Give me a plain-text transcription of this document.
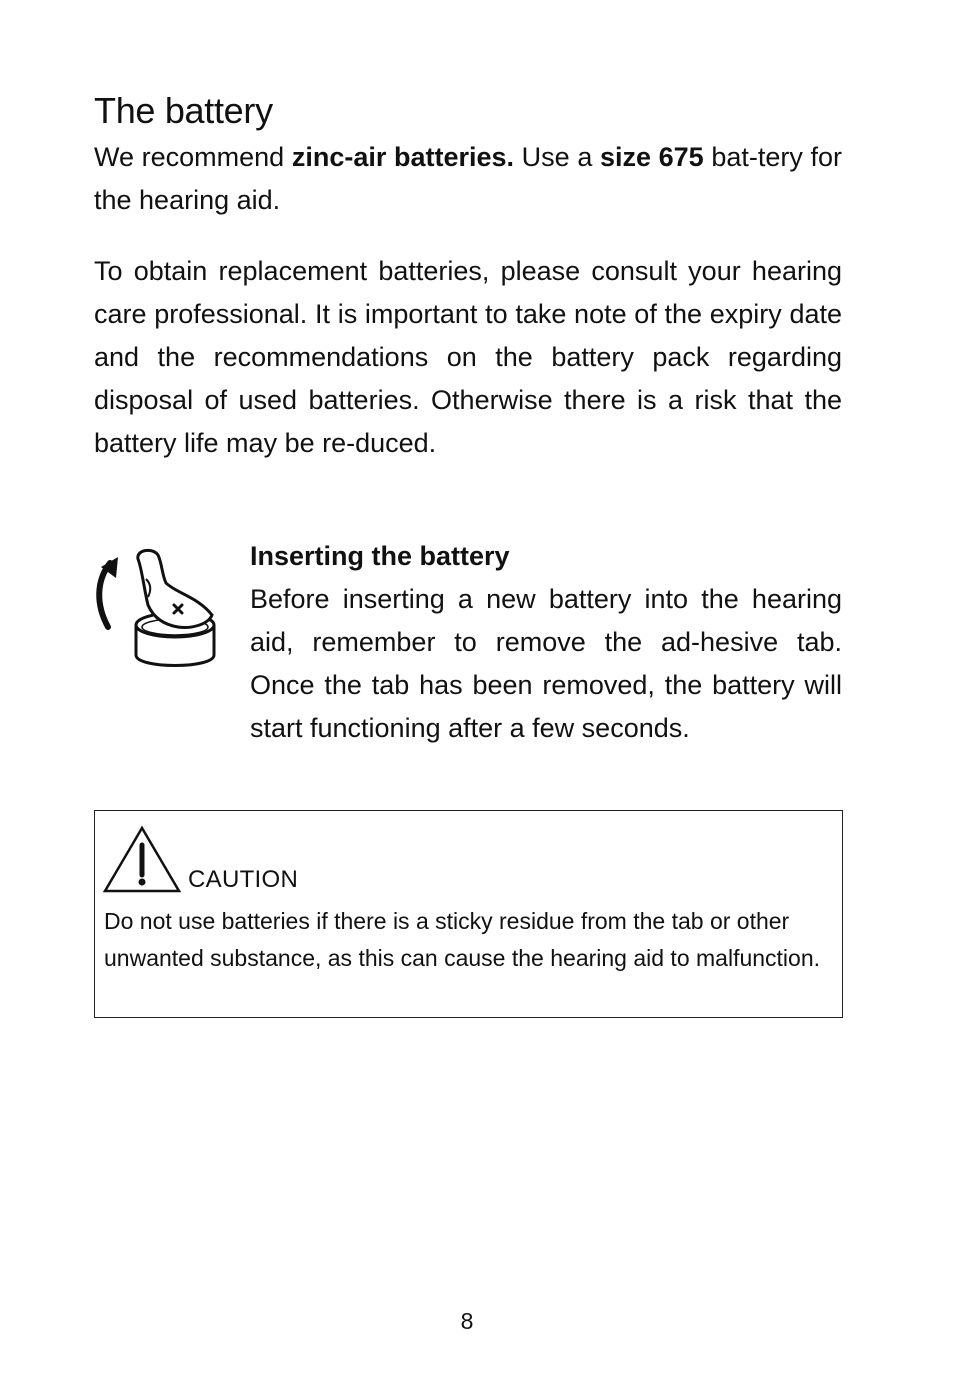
The battery

We recommend zinc-air batteries. Use a size 675 bat-tery for the hearing aid.

To obtain replacement batteries, please consult your hearing care professional. It is important to take note of the expiry date and the recommendations on the battery pack regarding disposal of used batteries. Otherwise there is a risk that the battery life may be re-duced.

Inserting the battery

Before inserting a new battery into the hearing aid, remember to remove the ad-hesive tab. Once the tab has been removed, the battery will start functioning after a few seconds.

CAUTION

Do not use batteries if there is a sticky residue from the tab or other unwanted substance, as this can cause the hearing aid to malfunction.

8
